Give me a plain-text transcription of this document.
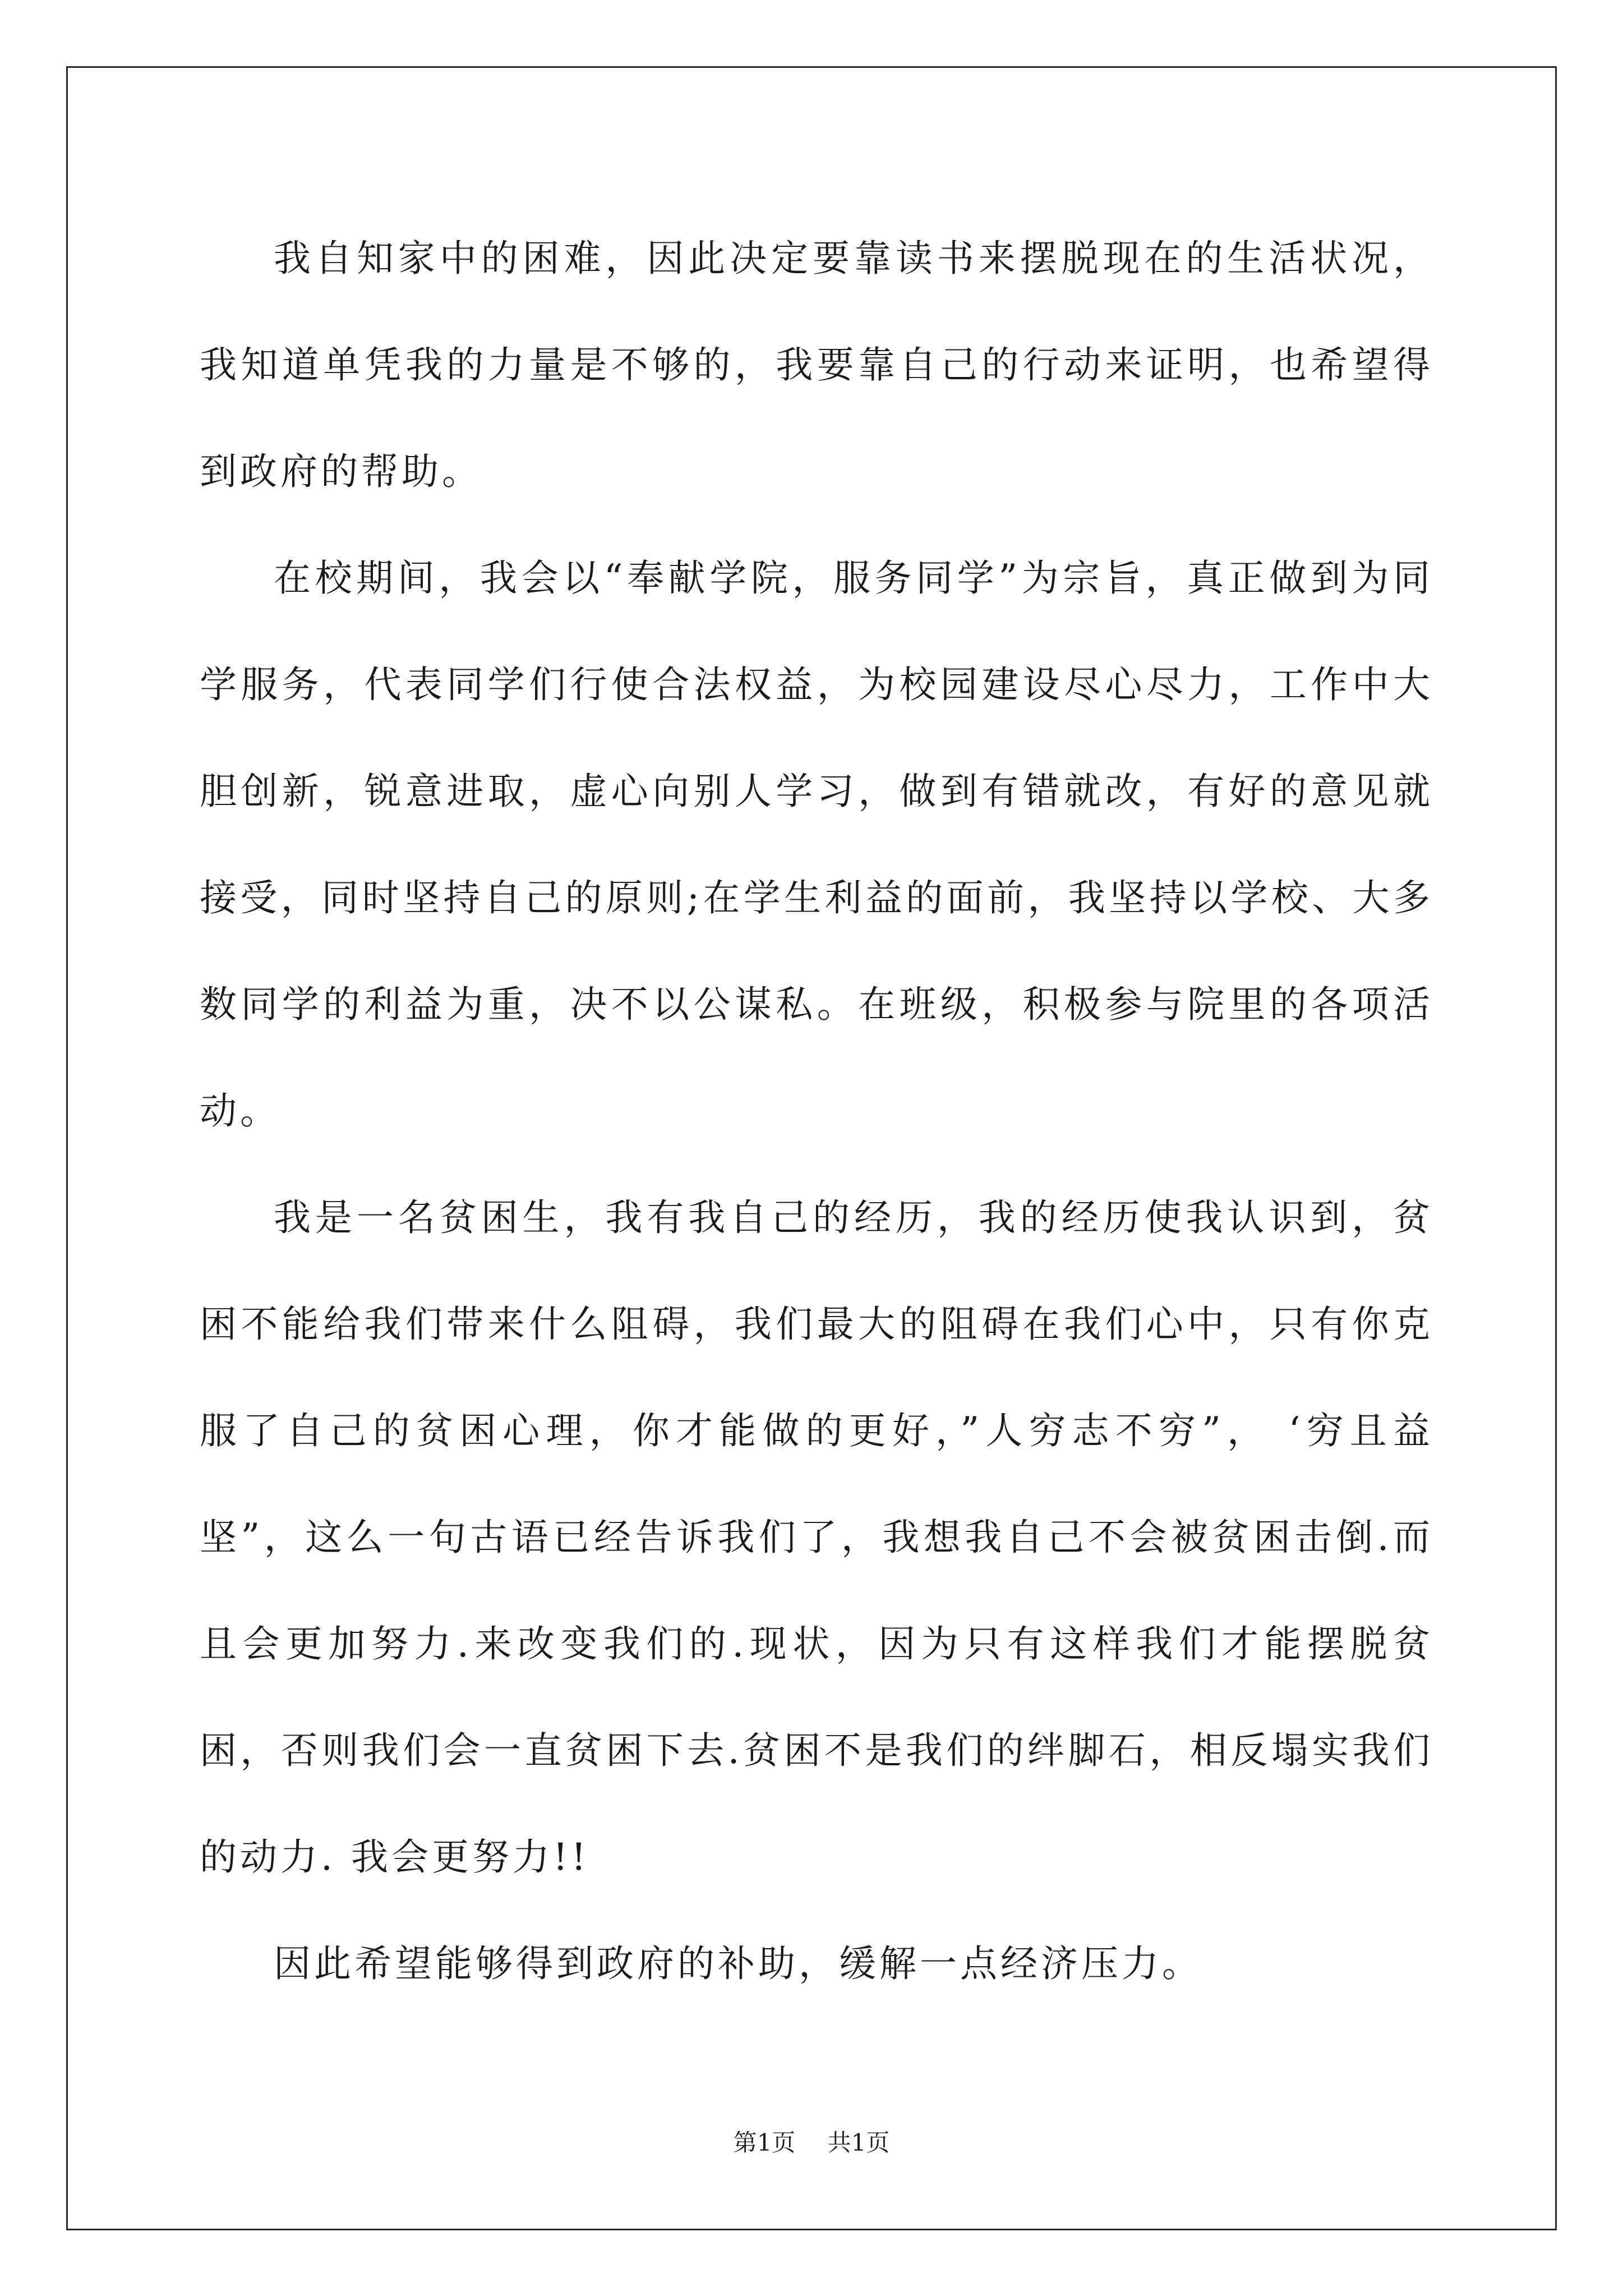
我自知家中的困难，因此决定要靠读书来摆脱现在的生活状况，我知道单凭我的力量是不够的，我要靠自己的行动来证明，也希望得到政府的帮助。

在校期间，我会以“奉献学院，服务同学”为宗旨，真正做到为同学服务，代表同学们行使合法权益，为校园建设尽心尽力，工作中大胆创新，锐意进取，虚心向别人学习，做到有错就改，有好的意见就接受，同时坚持自己的原则;在学生利益的面前，我坚持以学校、大多数同学的利益为重，决不以公谋私。在班级，积极参与院里的各项活动。

我是一名贫困生，我有我自己的经历，我的经历使我认识到，贫困不能给我们带来什么阻碍，我们最大的阻碍在我们心中，只有你克服了自己的贫困心理，你才能做的更好，”人穷志不穷”， ‘穷且益坚”，这么一句古语已经告诉我们了，我想我自己不会被贫困击倒.而且会更加努力.来改变我们的.现状，因为只有这样我们才能摆脱贫困，否则我们会一直贫困下去.贫困不是我们的绊脚石，相反塌实我们的动力. 我会更努力!!

因此希望能够得到政府的补助，缓解一点经济压力。

第1页 共1页
